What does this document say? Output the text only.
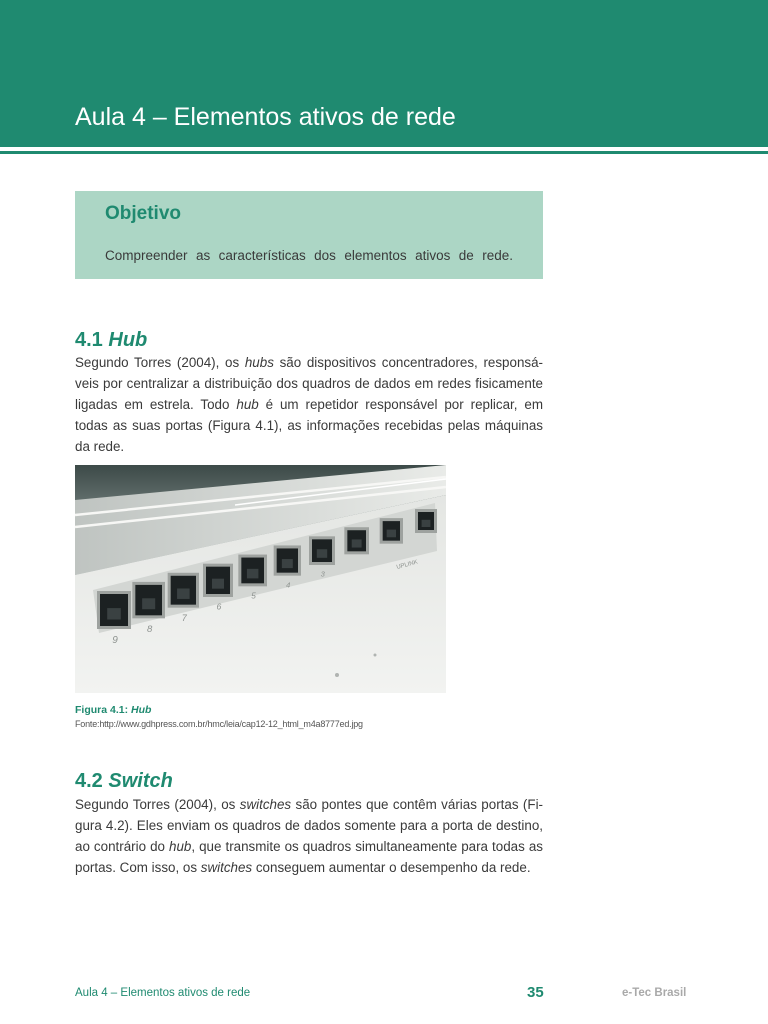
Aula 4 – Elementos ativos de rede
Objetivo

Compreender as características dos elementos ativos de rede.

4.1 Hub

Segundo Torres (2004), os hubs são dispositivos concentradores, responsá-
veis por centralizar a distribuição dos quadros de dados em redes fisicamente
ligadas em estrela. Todo hub é um repetidor responsável por replicar, em
todas as suas portas (Figura 4.1), as informações recebidas pelas máquinas
da rede.

9
8
7
6
5
4
3
UPLINK

Figura 4.1: Hub

Fonte:http://www.gdhpress.com.br/hmc/leia/cap12-12_html_m4a8777ed.jpg

4.2 Switch

Segundo Torres (2004), os switches são pontes que contêm várias portas (Fi-
gura 4.2). Eles enviam os quadros de dados somente para a porta de destino,
ao contrário do hub, que transmite os quadros simultaneamente para todas as
portas. Com isso, os switches conseguem aumentar o desempenho da rede.

Aula 4 – Elementos ativos de rede	35	e-Tec Brasil
